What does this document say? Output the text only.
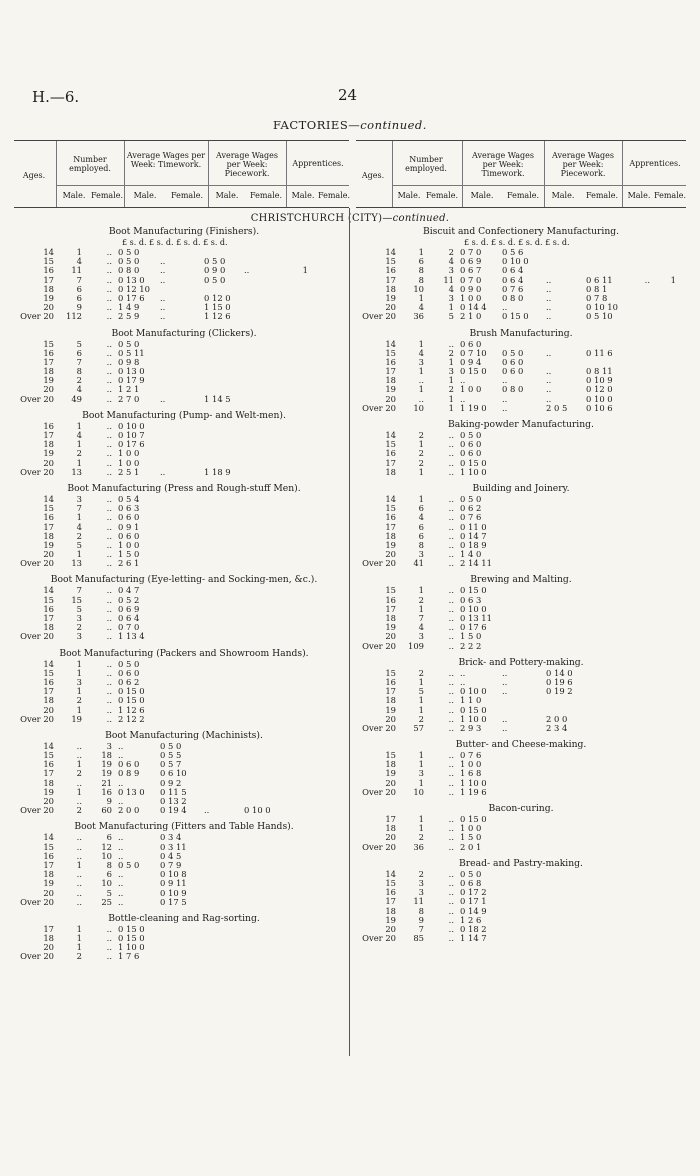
H.—6.	24
FACTORIES—continued.
Ages.
Number employed.
Average Wages per Week: Timework.
Average Wages per Week: Piecework.
Apprentices.
Male. Female.	Male.	Female.	Male.	Female.	Male. Female.
Ages.
Number employed.
Average Wages per Week: Timework.
Average Wages per Week: Piecework.
Apprentices.
Male. Female.	Male.	Female.	Male.	Female.	Male. Female.
CHRISTCHURCH (CITY)—continued.
Boot Manufacturing (Finishers).
£ s. d. £ s. d. £ s. d. £ s. d.
14	1	.. 0 5 0
15	4	.. 0 5 0	..	0 5 0
16	11	.. 0 8 0	..	0 9 0	..	1
17	7	.. 0 13 0	..	0 5 0
18	6	.. 0 12 10
19	6	.. 0 17 6	..	0 12 0
20	9	.. 1 4 9	..	1 15 0
Over 20	112	.. 2 5 9	..	1 12 6
Boot Manufacturing (Clickers).
15	5	.. 0 5 0
16	6	.. 0 5 11
17	7	.. 0 9 8
18	8	.. 0 13 0
19	2	.. 0 17 9
20	4	.. 1 2 1
Over 20	49	.. 2 7 0	..	1 14 5
Boot Manufacturing (Pump- and Welt-men).
16	1	.. 0 10 0
17	4	.. 0 10 7
18	1	.. 0 17 6
19	2	.. 1 0 0
20	1	.. 1 0 0
Over 20	13	.. 2 5 1	..	1 18 9
Boot Manufacturing (Press and Rough-stuff Men).
14	3	.. 0 5 4
15	7	.. 0 6 3
16	1	.. 0 6 0
17	4	.. 0 9 1
18	2	.. 0 6 0
19	5	.. 1 0 0
20	1	.. 1 5 0
Over 20	13	.. 2 6 1
Boot Manufacturing (Eye-letting- and Socking-men, &c.).
14	7	.. 0 4 7
15	15	.. 0 5 2
16	5	.. 0 6 9
17	3	.. 0 6 4
18	2	.. 0 7 0
Over 20	3	.. 1 13 4
Boot Manufacturing (Packers and Showroom Hands).
14	1	.. 0 5 0
15	1	.. 0 6 0
16	3	.. 0 6 2
17	1	.. 0 15 0
18	2	.. 0 15 0
20	1	.. 1 12 6
Over 20	19	.. 2 12 2
Boot Manufacturing (Machinists).
14	..	3 ..	0 5 0
15	..	18 ..	0 5 5
16	1	19 0 6 0	0 5 7
17	2	19 0 8 9	0 6 10
18	..	21 ..	0 9 2
19	1	16 0 13 0	0 11 5
20	..	9 ..	0 13 2
Over 20	2	60 2 0 0	0 19 4	..	0 10 0
Boot Manufacturing (Fitters and Table Hands).
14	..	6 ..	0 3 4
15	..	12 ..	0 3 11
16	..	10 ..	0 4 5
17	1	8 0 5 0	0 7 9
18	..	6 ..	0 10 8
19	..	10 ..	0 9 11
20	..	5 ..	0 10 9
Over 20	..	25 ..	0 17 5
Bottle-cleaning and Rag-sorting.
17	1	.. 0 15 0
18	1	.. 0 15 0
20	1	.. 1 10 0
Over 20	2	.. 1 7 6
Biscuit and Confectionery Manufacturing.
£ s. d. £ s. d. £ s. d. £ s. d.
14	1	2 0 7 0	0 5 6
15	6	4 0 6 9	0 10 0
16	8	3 0 6 7	0 6 4
17	8	11 0 7 0	0 6 4	..	0 6 11	..	1
18	10	4 0 9 0	0 7 6	..	0 8 1
19	1	3 1 0 0	0 8 0	..	0 7 8
20	4	1 0 14 4	..	..	0 10 10
Over 20	36	5 2 1 0	0 15 0	..	0 5 10
Brush Manufacturing.
14	1	.. 0 6 0
15	4	2 0 7 10	0 5 0	..	0 11 6
16	3	1 0 9 4	0 6 0
17	1	3 0 15 0	0 6 0	..	0 8 11
18	..	1 ..	..	..	0 10 9
19	1	2 1 0 0	0 8 0	..	0 12 0
20	..	1 ..	..	..	0 10 0
Over 20	10	1 1 19 0	..	2 0 5	0 10 6
Baking-powder Manufacturing.
14	2	.. 0 5 0
15	1	.. 0 6 0
16	2	.. 0 6 0
17	2	.. 0 15 0
18	1	.. 1 10 0
Building and Joinery.
14	1	.. 0 5 0
15	6	.. 0 6 2
16	4	.. 0 7 6
17	6	.. 0 11 0
18	6	.. 0 14 7
19	8	.. 0 18 9
20	3	.. 1 4 0
Over 20	41	.. 2 14 11
Brewing and Malting.
15	1	.. 0 15 0
16	2	.. 0 6 3
17	1	.. 0 10 0
18	7	.. 0 13 11
19	4	.. 0 17 6
20	3	.. 1 5 0
Over 20	109	.. 2 2 2
Brick- and Pottery-making.
15	2	.. ..	..	0 14 0
16	1	.. ..	..	0 19 6
17	5	.. 0 10 0	..	0 19 2
18	1	.. 1 1 0
19	1	.. 0 15 0
20	2	.. 1 10 0	..	2 0 0
Over 20	57	.. 2 9 3	..	2 3 4
Butter- and Cheese-making.
15	1	.. 0 7 6
18	1	.. 1 0 0
19	3	.. 1 6 8
20	1	.. 1 10 0
Over 20	10	.. 1 19 6
Bacon-curing.
17	1	.. 0 15 0
18	1	.. 1 0 0
20	2	.. 1 5 0
Over 20	36	.. 2 0 1
Bread- and Pastry-making.
14	2	.. 0 5 0
15	3	.. 0 6 8
16	3	.. 0 17 2
17	11	.. 0 17 1
18	8	.. 0 14 9
19	9	.. 1 2 6
20	7	.. 0 18 2
Over 20	85	.. 1 14 7
